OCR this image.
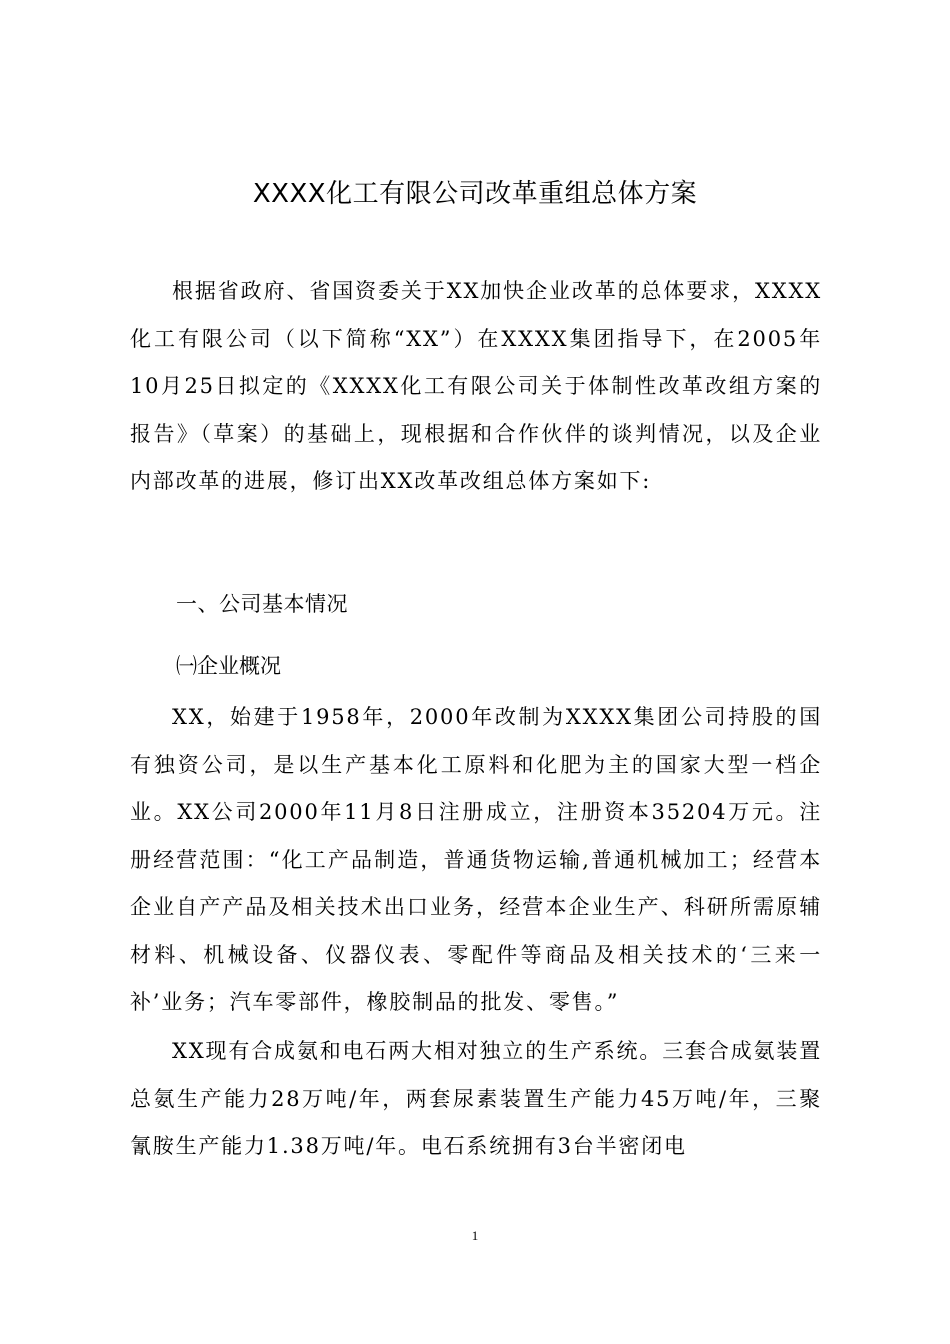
XXXX化工有限公司改革重组总体方案

根据省政府、省国资委关于XX加快企业改革的总体要求，XXXX化工有限公司（以下简称“XX”）在XXXX集团指导下，在2005年10月25日拟定的《XXXX化工有限公司关于体制性改革改组方案的报告》（草案）的基础上，现根据和合作伙伴的谈判情况，以及企业内部改革的进展，修订出XX改革改组总体方案如下:

一、公司基本情况
㈠企业概况

XX，始建于1958年，2000年改制为XXXX集团公司持股的国有独资公司，是以生产基本化工原料和化肥为主的国家大型一档企业。XX公司2000年11月8日注册成立，注册资本35204万元。注册经营范围：“化工产品制造，普通货物运输,普通机械加工；经营本企业自产产品及相关技术出口业务，经营本企业生产、科研所需原辅材料、机械设备、仪器仪表、零配件等商品及相关技术的‘三来一补’业务；汽车零部件，橡胶制品的批发、零售。”

XX现有合成氨和电石两大相对独立的生产系统。三套合成氨装置总氨生产能力28万吨/年，两套尿素装置生产能力45万吨/年，三聚氰胺生产能力1.38万吨/年。电石系统拥有3台半密闭电

1
